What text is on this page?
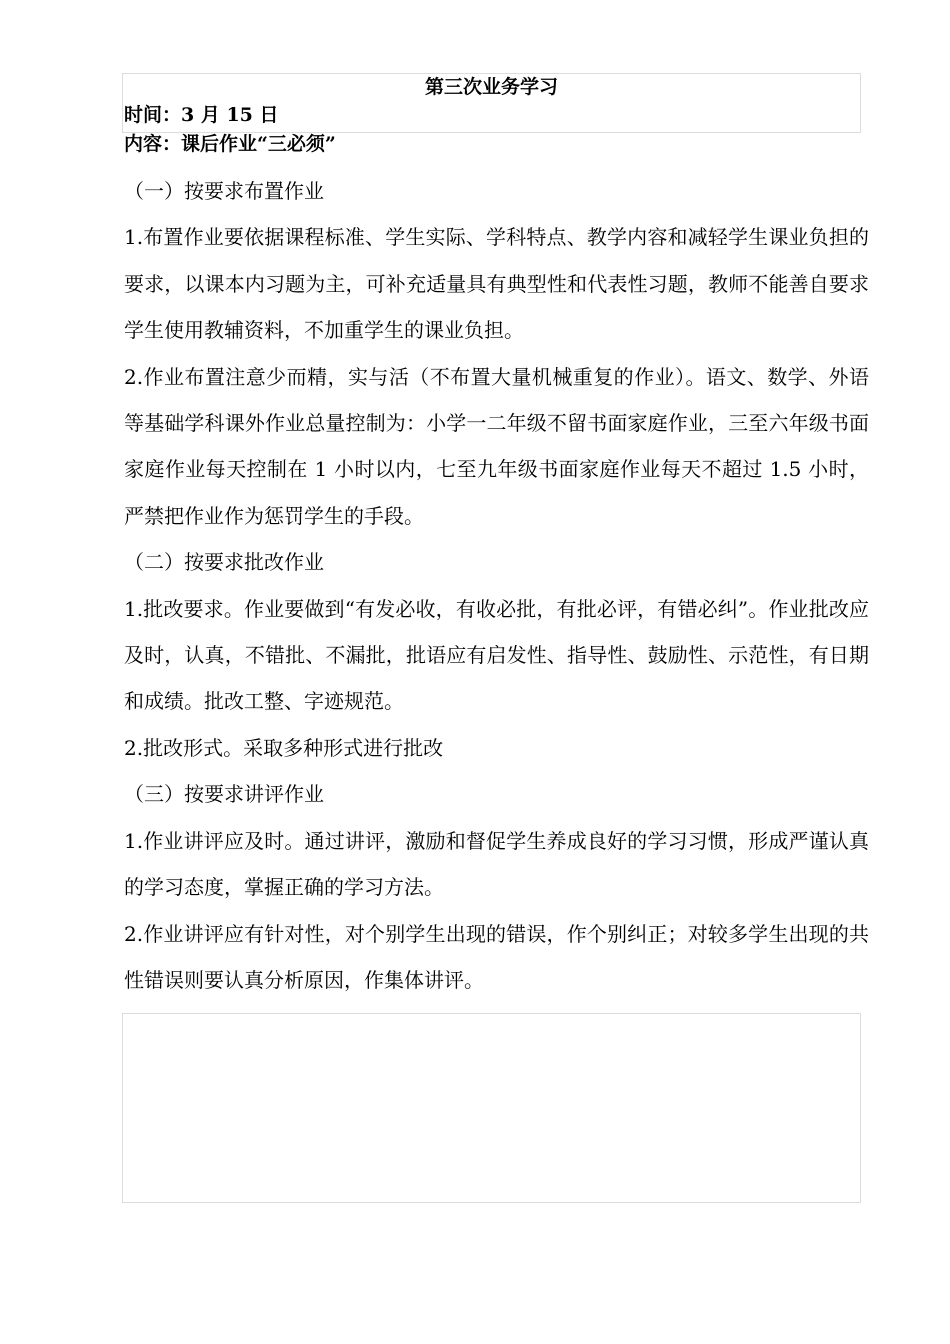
第三次业务学习
时间：3 月 15 日
内容：课后作业“三必须”

（一）按要求布置作业

1.布置作业要依据课程标准、学生实际、学科特点、教学内容和减轻学生课业负担的要求，以课本内习题为主，可补充适量具有典型性和代表性习题，教师不能善自要求学生使用教辅资料，不加重学生的课业负担。

2.作业布置注意少而精，实与活（不布置大量机械重复的作业）。语文、数学、外语等基础学科课外作业总量控制为：小学一二年级不留书面家庭作业，三至六年级书面家庭作业每天控制在 1 小时以内，七至九年级书面家庭作业每天不超过 1.5 小时，严禁把作业作为惩罚学生的手段。

（二）按要求批改作业

1.批改要求。作业要做到“有发必收，有收必批，有批必评，有错必纠”。作业批改应及时，认真，不错批、不漏批，批语应有启发性、指导性、鼓励性、示范性，有日期和成绩。批改工整、字迹规范。

2.批改形式。采取多种形式进行批改

（三）按要求讲评作业

1.作业讲评应及时。通过讲评，激励和督促学生养成良好的学习习惯，形成严谨认真的学习态度，掌握正确的学习方法。

2.作业讲评应有针对性，对个别学生出现的错误，作个别纠正；对较多学生出现的共性错误则要认真分析原因，作集体讲评。
